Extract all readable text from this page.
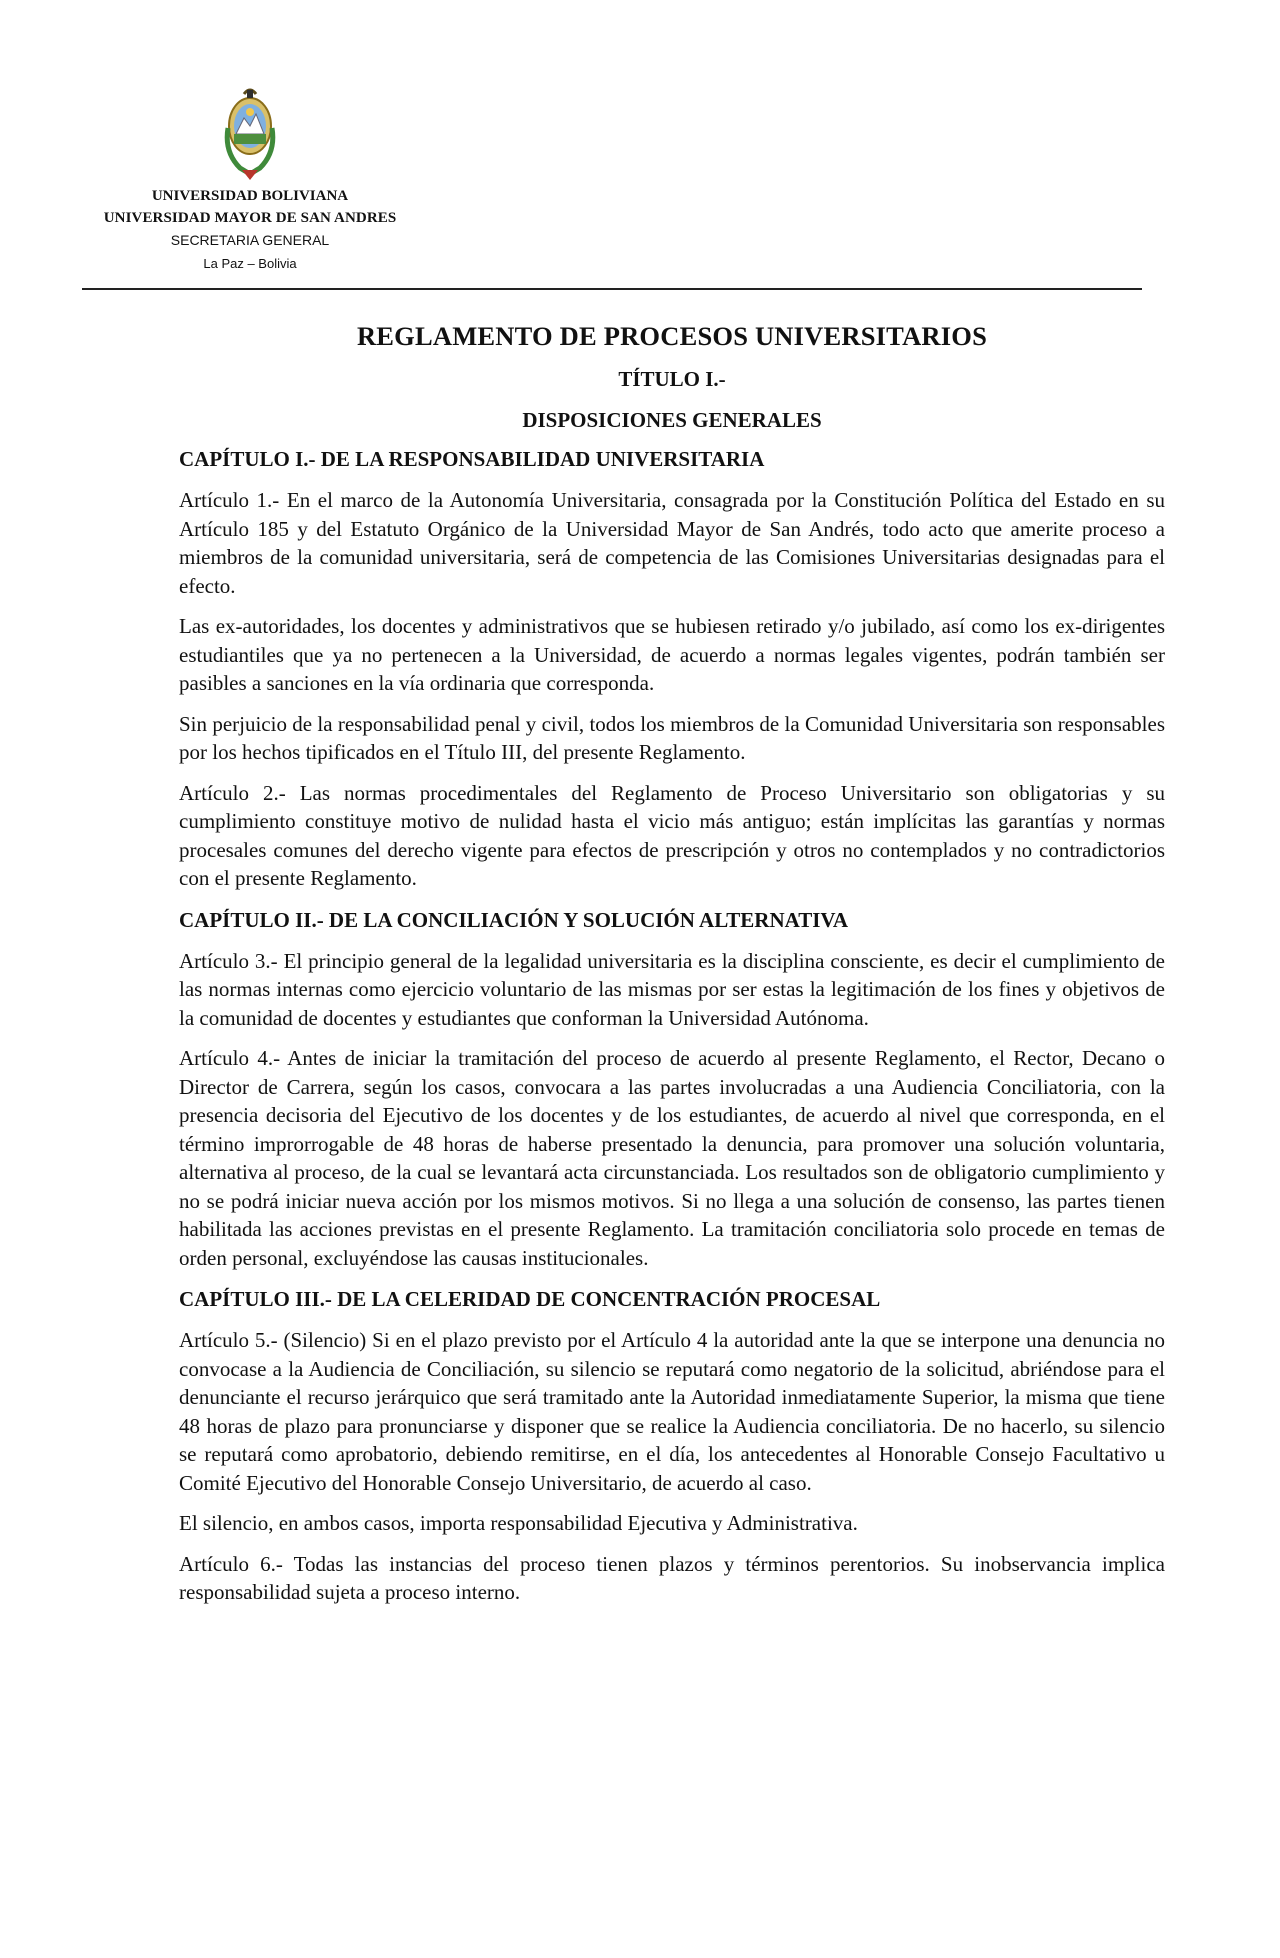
UNIVERSIDAD BOLIVIANA
UNIVERSIDAD MAYOR DE SAN ANDRES
SECRETARIA GENERAL
La Paz – Bolivia
REGLAMENTO DE PROCESOS UNIVERSITARIOS
TÍTULO I.-
DISPOSICIONES GENERALES
CAPÍTULO I.- DE LA RESPONSABILIDAD UNIVERSITARIA

Artículo 1.- En el marco de la Autonomía Universitaria, consagrada por la Constitución Política del Estado en su Artículo 185 y del Estatuto Orgánico de la Universidad Mayor de San Andrés, todo acto que amerite proceso a miembros de la comunidad universitaria, será de competencia de las Comisiones Universitarias designadas para el efecto.

Las ex-autoridades, los docentes y administrativos que se hubiesen retirado y/o jubilado, así como los ex-dirigentes estudiantiles que ya no pertenecen a la Universidad, de acuerdo a normas legales vigentes, podrán también ser pasibles a sanciones en la vía ordinaria que corresponda.

Sin perjuicio de la responsabilidad penal y civil, todos los miembros de la Comunidad Universitaria son responsables por los hechos tipificados en el Título III, del presente Reglamento.

Artículo 2.- Las normas procedimentales del Reglamento de Proceso Universitario son obligatorias y su cumplimiento constituye motivo de nulidad hasta el vicio más antiguo; están implícitas las garantías y normas procesales comunes del derecho vigente para efectos de prescripción y otros no contemplados y no contradictorios con el presente Reglamento.

CAPÍTULO II.- DE LA CONCILIACIÓN Y SOLUCIÓN ALTERNATIVA

Artículo 3.- El principio general de la legalidad universitaria es la disciplina consciente, es decir el cumplimiento de las normas internas como ejercicio voluntario de las mismas por ser estas la legitimación de los fines y objetivos de la comunidad de docentes y estudiantes que conforman la Universidad Autónoma.

Artículo 4.- Antes de iniciar la tramitación del proceso de acuerdo al presente Reglamento, el Rector, Decano o Director de Carrera, según los casos, convocara a las partes involucradas a una Audiencia Conciliatoria, con la presencia decisoria del Ejecutivo de los docentes y de los estudiantes, de acuerdo al nivel que corresponda, en el término improrrogable de 48 horas de haberse presentado la denuncia, para promover una solución voluntaria, alternativa al proceso, de la cual se levantará acta circunstanciada. Los resultados son de obligatorio cumplimiento y no se podrá iniciar nueva acción por los mismos motivos. Si no llega a una solución de consenso, las partes tienen habilitada las acciones previstas en el presente Reglamento. La tramitación conciliatoria solo procede en temas de orden personal, excluyéndose las causas institucionales.

CAPÍTULO III.- DE LA CELERIDAD DE CONCENTRACIÓN PROCESAL

Artículo 5.- (Silencio) Si en el plazo previsto por el Artículo 4 la autoridad ante la que se interpone una denuncia no convocase a la Audiencia de Conciliación, su silencio se reputará como negatorio de la solicitud, abriéndose para el denunciante el recurso jerárquico que será tramitado ante la Autoridad inmediatamente Superior, la misma que tiene 48 horas de plazo para pronunciarse y disponer que se realice la Audiencia conciliatoria. De no hacerlo, su silencio se reputará como aprobatorio, debiendo remitirse, en el día, los antecedentes al Honorable Consejo Facultativo u Comité Ejecutivo del Honorable Consejo Universitario, de acuerdo al caso.

El silencio, en ambos casos, importa responsabilidad Ejecutiva y Administrativa.

Artículo 6.- Todas las instancias del proceso tienen plazos y términos perentorios. Su inobservancia implica responsabilidad sujeta a proceso interno.
